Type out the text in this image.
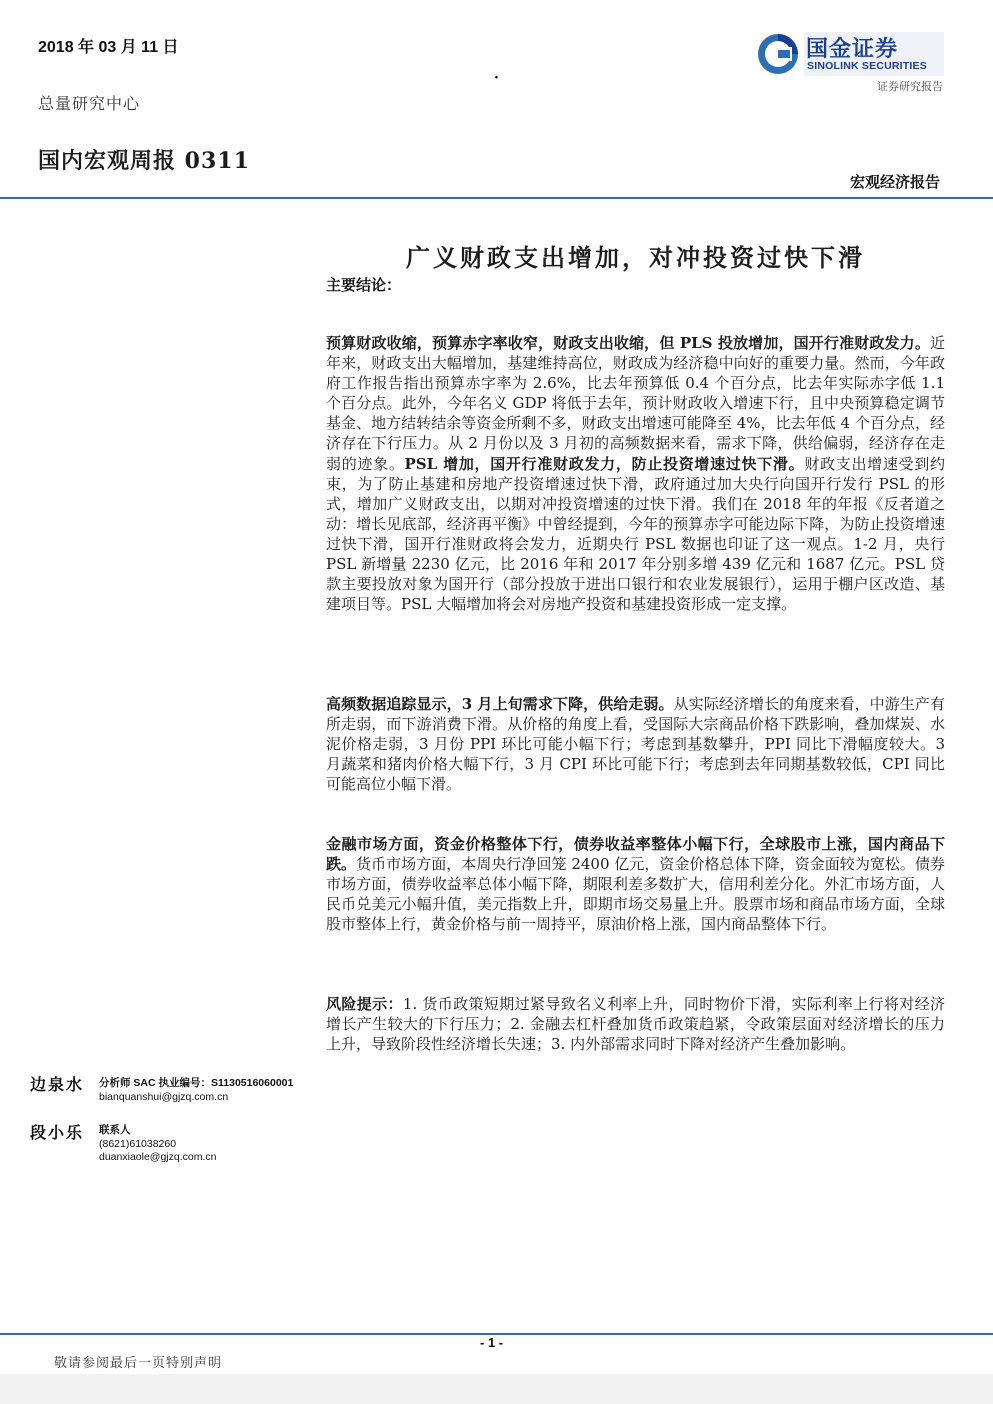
2018 年 03 月 11 日
·
总量研究中心
国内宏观周报 0311
国金证券
SINOLINK SECURITIES
证券研究报告
宏观经济报告
广义财政支出增加，对冲投资过快下滑
主要结论：
预算财政收缩，预算赤字率收窄，财政支出收缩，但 PLS 投放增加，国开行准财政发力。近年来，财政支出大幅增加，基建维持高位，财政成为经济稳中向好的重要力量。然而，今年政府工作报告指出预算赤字率为 2.6%，比去年预算低 0.4 个百分点，比去年实际赤字低 1.1 个百分点。此外，今年名义 GDP 将低于去年，预计财政收入增速下行，且中央预算稳定调节基金、地方结转结余等资金所剩不多，财政支出增速可能降至 4%，比去年低 4 个百分点，经济存在下行压力。从 2 月份以及 3 月初的高频数据来看，需求下降，供给偏弱，经济存在走弱的迹象。PSL 增加，国开行准财政发力，防止投资增速过快下滑。财政支出增速受到约束，为了防止基建和房地产投资增速过快下滑，政府通过加大央行向国开行发行 PSL 的形式，增加广义财政支出，以期对冲投资增速的过快下滑。我们在 2018 年的年报《反者道之动：增长见底部，经济再平衡》中曾经提到，今年的预算赤字可能边际下降，为防止投资增速过快下滑，国开行准财政将会发力，近期央行 PSL 数据也印证了这一观点。1-2 月，央行 PSL 新增量 2230 亿元，比 2016 年和 2017 年分别多增 439 亿元和 1687 亿元。PSL 贷款主要投放对象为国开行（部分投放于进出口银行和农业发展银行），运用于棚户区改造、基建项目等。PSL 大幅增加将会对房地产投资和基建投资形成一定支撑。
高频数据追踪显示，3 月上旬需求下降，供给走弱。从实际经济增长的角度来看，中游生产有所走弱，而下游消费下滑。从价格的角度上看，受国际大宗商品价格下跌影响，叠加煤炭、水泥价格走弱，3 月份 PPI 环比可能小幅下行；考虑到基数攀升，PPI 同比下滑幅度较大。3 月蔬菜和猪肉价格大幅下行，3 月 CPI 环比可能下行；考虑到去年同期基数较低，CPI 同比可能高位小幅下滑。
金融市场方面，资金价格整体下行，债券收益率整体小幅下行，全球股市上涨，国内商品下跌。货币市场方面，本周央行净回笼 2400 亿元，资金价格总体下降，资金面较为宽松。债券市场方面，债券收益率总体小幅下降，期限利差多数扩大，信用利差分化。外汇市场方面，人民币兑美元小幅升值，美元指数上升，即期市场交易量上升。股票市场和商品市场方面，全球股市整体上行，黄金价格与前一周持平，原油价格上涨，国内商品整体下行。
风险提示：1. 货币政策短期过紧导致名义利率上升，同时物价下滑，实际利率上行将对经济增长产生较大的下行压力；2. 金融去杠杆叠加货币政策趋紧，令政策层面对经济增长的压力上升，导致阶段性经济增长失速；3. 内外部需求同时下降对经济产生叠加影响。
边泉水 分析师 SAC 执业编号：S1130516060001
bianquanshui@gjzq.com.cn
段小乐 联系人
(8621)61038260
duanxiaole@gjzq.com.cn
- 1 -
敬请参阅最后一页特别声明
